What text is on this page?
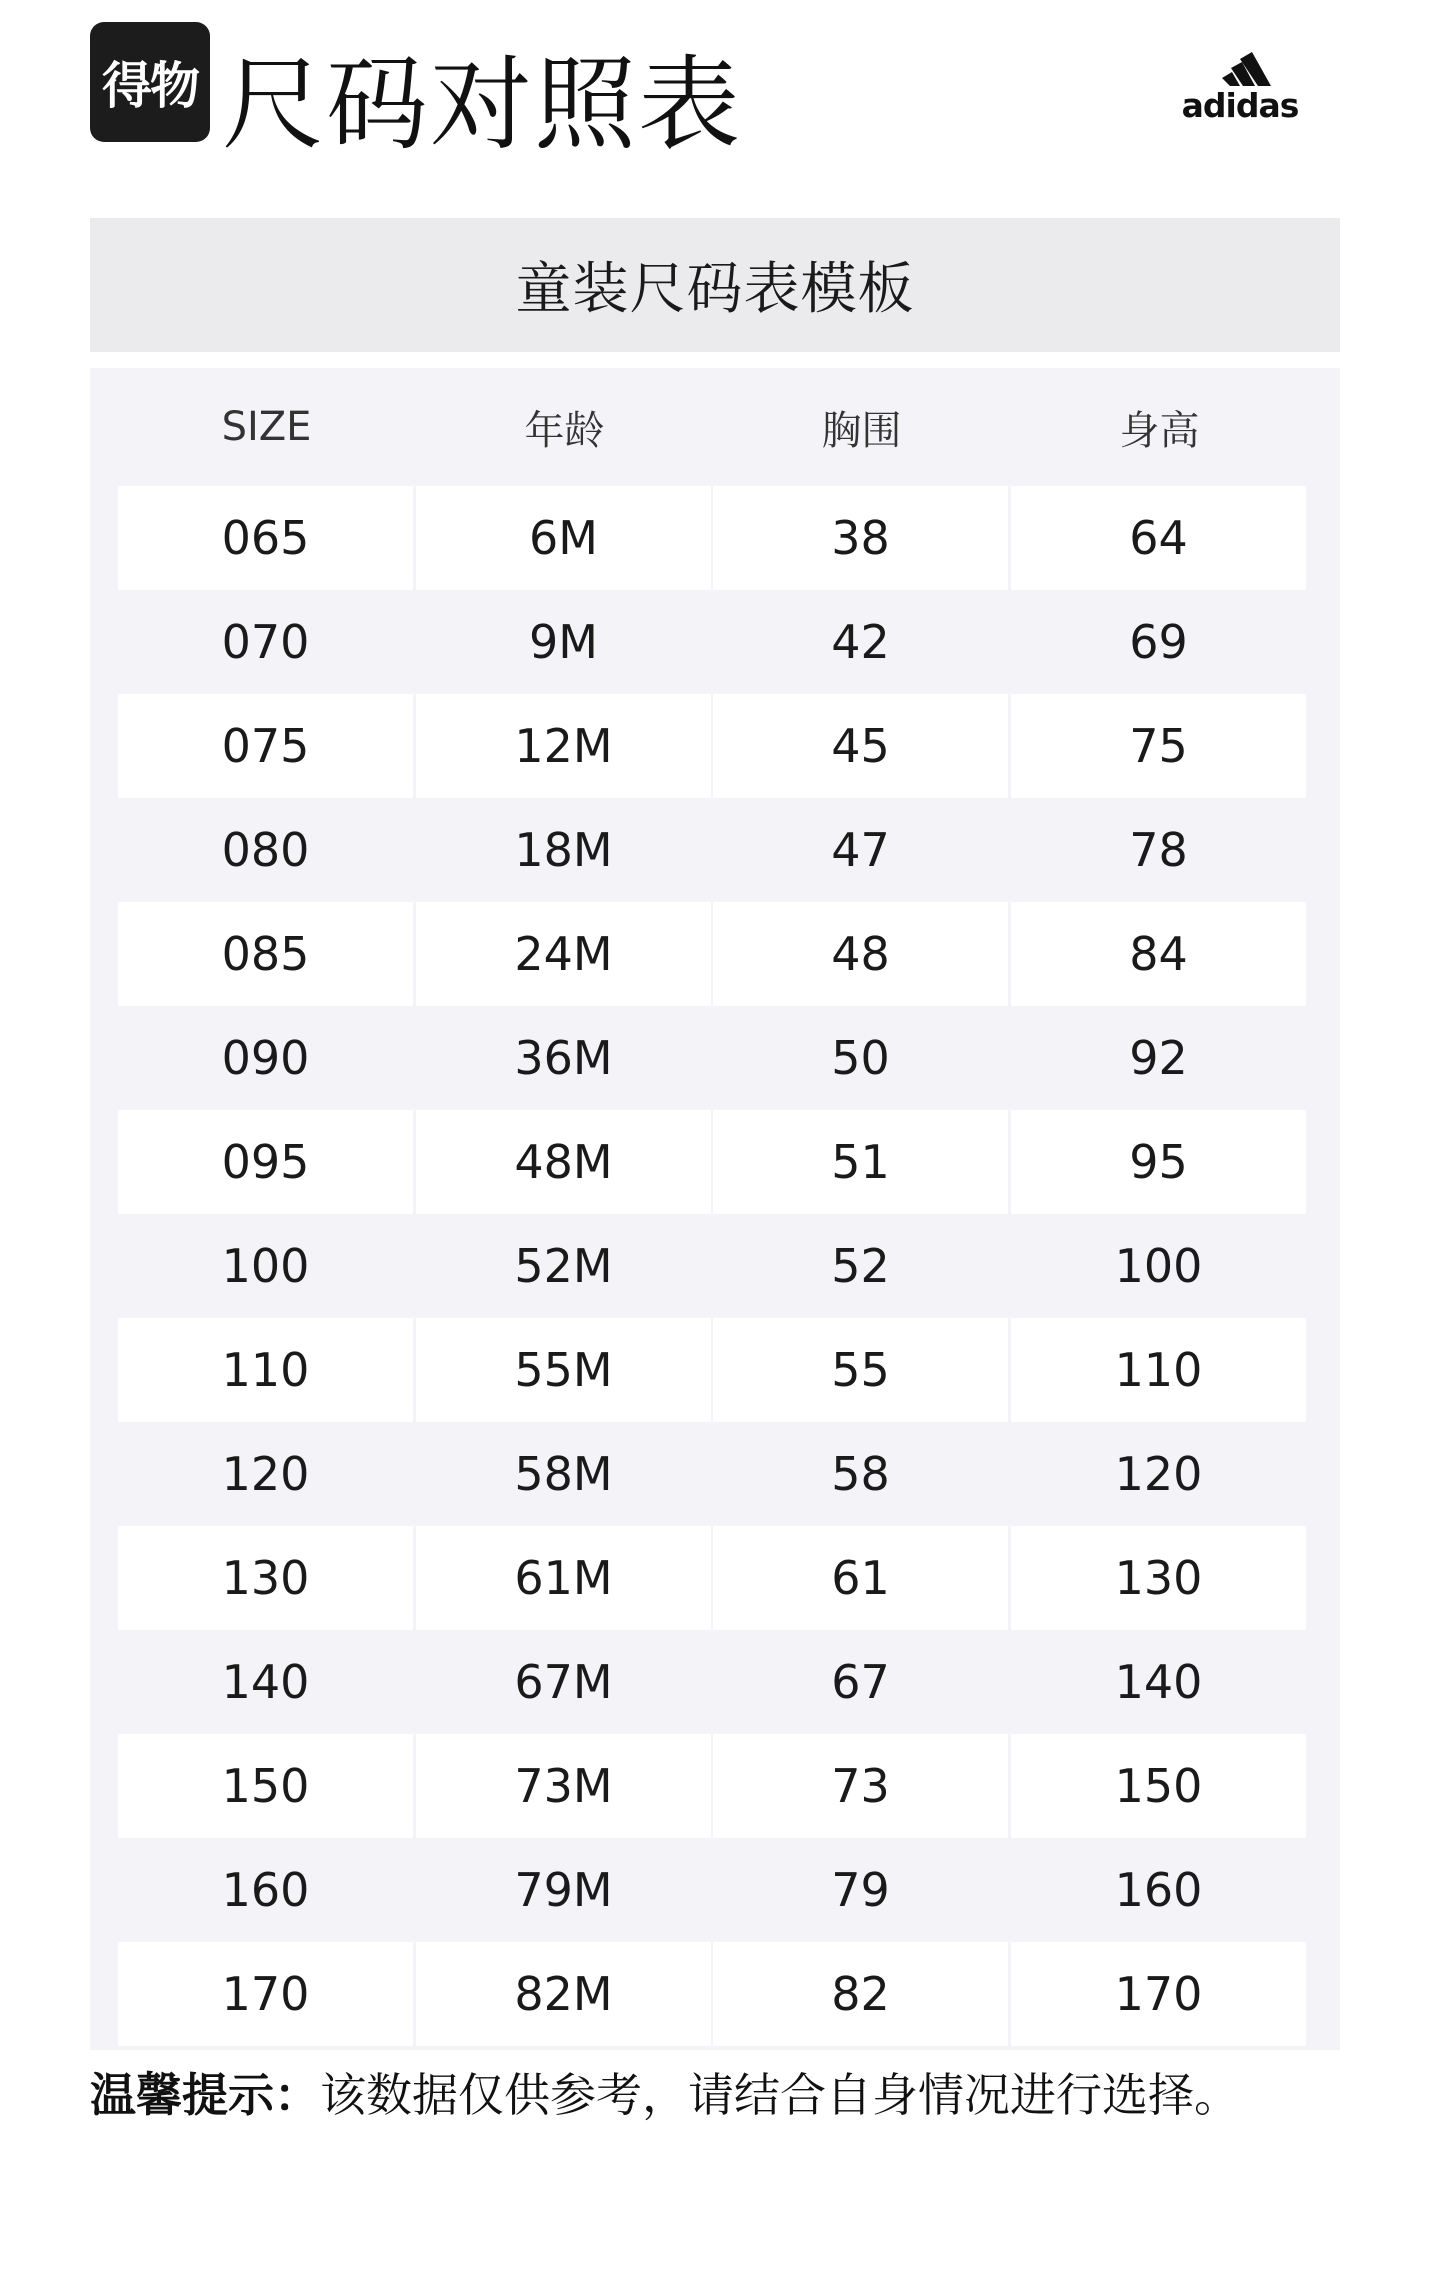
得物 尺码对照表	adidas
童装尺码表模板
SIZE	年龄	胸围	身高
065	6M	38	64
070	9M	42	69
075	12M	45	75
080	18M	47	78
085	24M	48	84
090	36M	50	92
095	48M	51	95
100	52M	52	100
110	55M	55	110
120	58M	58	120
130	61M	61	130
140	67M	67	140
150	73M	73	150
160	79M	79	160
170	82M	82	170
温馨提示：该数据仅供参考，请结合自身情况进行选择。
